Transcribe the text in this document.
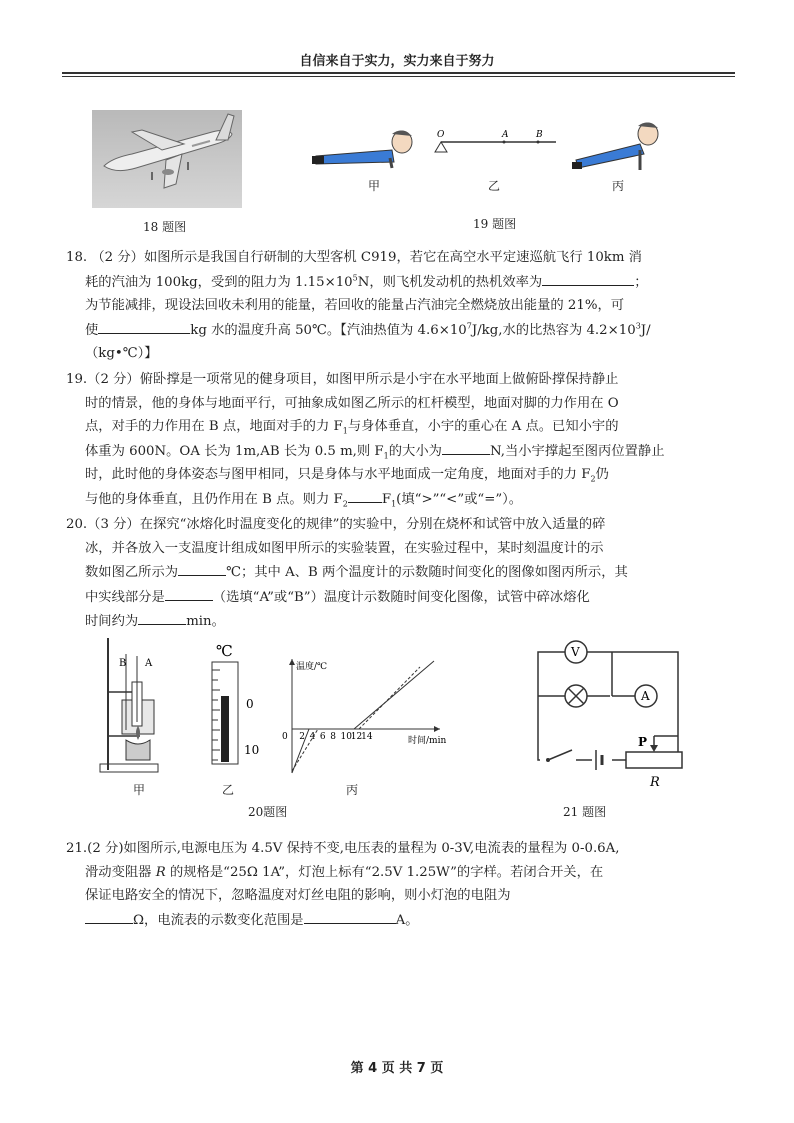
自信来自于实力，实力来自于努力
18 题图
甲
O	A	B
乙	丙
19 题图

18. （2 分）如图所示是我国自行研制的大型客机 C919，若它在高空水平定速巡航飞行 10km 消

耗的汽油为 100kg，受到的阻力为 $1.15\times 10^5N$，则飞机发动机的热机效率为	；

为节能减排，现设法回收未利用的能量，若回收的能量占汽油完全燃烧放出能量的 21%，可

使	kg 水的温度升高 50℃。【汽油热值为 $4.6\times 10^7J/kg$,水的比热容为 $4.2\times 10^3J/$

（kg•℃）】

19.（2 分）俯卧撑是一项常见的健身项目，如图甲所示是小宇在水平地面上做俯卧撑保持静止

时的情景，他的身体与地面平行，可抽象成如图乙所示的杠杆模型，地面对脚的力作用在 O

点，对手的力作用在 B 点，地面对手的力 $F_1$与身体垂直，小宇的重心在 A 点。已知小宇的

体重为 600N。OA 长为 1m,AB 长为 0.5 m,则 $F_1$的大小为	N,当小宇撑起至图丙位置静止

时，此时他的身体姿态与图甲相同，只是身体与水平地面成一定角度，地面对手的力 $F_2$仍

与他的身体垂直，且仍作用在 B 点。则力 $F_2$	$F_1$(填“>”“<”或“=”）。

20.（3 分）在探究“冰熔化时温度变化的规律”的实验中，分别在烧杯和试管中放入适量的碎

冰，并各放入一支温度计组成如图甲所示的实验装置，在实验过程中，某时刻温度计的示

数如图乙所示为	℃；其中 A、B 两个温度计的示数随时间变化的图像如图丙所示，其

中实线部分是	（选填“A”或“B”）温度计示数随时间变化图像，试管中碎冰熔化

时间约为	min。

B A
甲
℃
0
10
乙
温度/℃
时间/min
0 2 4 6 8 10
12
14
丙
20题图
V
A
P
R
21 题图

21.(2 分)如图所示,电源电压为 4.5V 保持不变,电压表的量程为 0-3V,电流表的量程为 0-0.6A,

滑动变阻器 R 的规格是“25Ω 1A”，灯泡上标有“2.5V 1.25W”的字样。若闭合开关，在

保证电路安全的情况下，忽略温度对灯丝电阻的影响，则小灯泡的电阻为

Ω，电流表的示数变化范围是	A。

第 4 页 共 7 页
